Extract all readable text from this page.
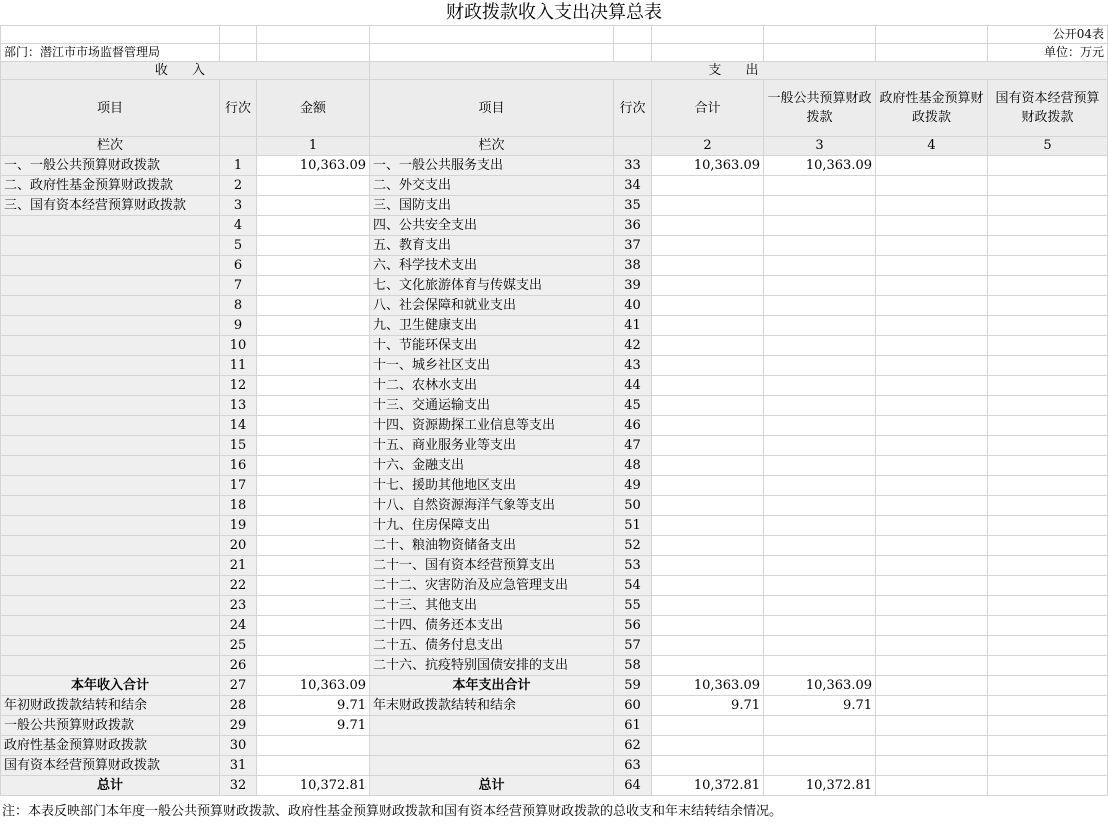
财政拨款收入支出决算总表
								公开04表
部门：潜江市市场监督管理局								单位：万元
收 入			支 出					
项目	行次	金额	项目	行次	合计	一般公共预算财政拨款	政府性基金预算财政拨款	国有资本经营预算财政拨款
栏次		1	栏次		2	3	4	5
一、一般公共预算财政拨款	1	10,363.09	一、一般公共服务支出	33	10,363.09	10,363.09		
二、政府性基金预算财政拨款	2		二、外交支出	34				
三、国有资本经营预算财政拨款	3		三、国防支出	35				
	4		四、公共安全支出	36				
	5		五、教育支出	37				
	6		六、科学技术支出	38				
	7		七、文化旅游体育与传媒支出	39				
	8		八、社会保障和就业支出	40				
	9		九、卫生健康支出	41				
	10		十、节能环保支出	42				
	11		十一、城乡社区支出	43				
	12		十二、农林水支出	44				
	13		十三、交通运输支出	45				
	14		十四、资源勘探工业信息等支出	46				
	15		十五、商业服务业等支出	47				
	16		十六、金融支出	48				
	17		十七、援助其他地区支出	49				
	18		十八、自然资源海洋气象等支出	50				
	19		十九、住房保障支出	51				
	20		二十、粮油物资储备支出	52				
	21		二十一、国有资本经营预算支出	53				
	22		二十二、灾害防治及应急管理支出	54				
	23		二十三、其他支出	55				
	24		二十四、债务还本支出	56				
	25		二十五、债务付息支出	57				
	26		二十六、抗疫特别国债安排的支出	58				
本年收入合计	27	10,363.09	本年支出合计	59	10,363.09	10,363.09		
年初财政拨款结转和结余	28	9.71	年末财政拨款结转和结余	60	9.71	9.71		
一般公共预算财政拨款	29	9.71		61				
政府性基金预算财政拨款	30			62				
国有资本经营预算财政拨款	31			63				
总计	32	10,372.81	总计	64	10,372.81	10,372.81		
注：本表反映部门本年度一般公共预算财政拨款、政府性基金预算财政拨款和国有资本经营预算财政拨款的总收支和年末结转结余情况。
